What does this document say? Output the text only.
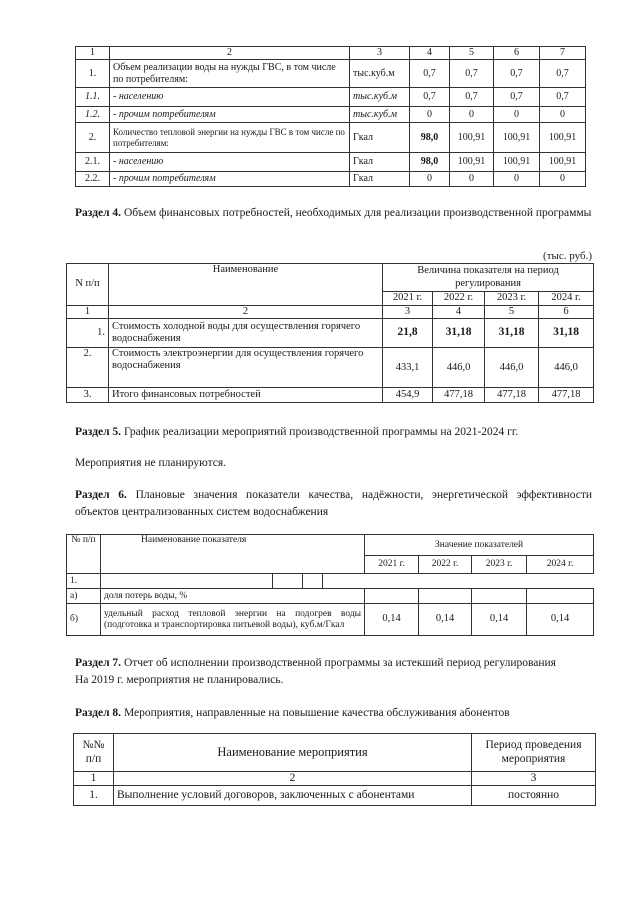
1	2	3	4	5	6	7
1.	Объем реализации воды на нужды ГВС, в том числе по потребителям:	тыс.куб.м	0,7	0,7	0,7	0,7
1.1.	- населению	тыс.куб.м	0,7	0,7	0,7	0,7
1.2.	- прочим потребителям	тыс.куб.м	0	0	0	0
2.	Количество тепловой энергии на нужды ГВС в том числе по потребителям:	Гкал	98,0	100,91	100,91	100,91
2.1.	- населению	Гкал	98,0	100,91	100,91	100,91
2.2.	- прочим потребителям	Гкал	0	0	0	0
Раздел 4. Объем финансовых потребностей, необходимых для реализации производственной программы
(тыс. руб.)
N п/п	Наименование	Величина показателя на период регулирования			
		2021 г.	2022 г.	2023 г.	2024 г.
1	2	3	4	5	6
1.	Стоимость холодной воды для осуществления горячего водоснабжения	21,8	31,18	31,18	31,18
2.	Стоимость электроэнергии для осуществления горячего водоснабжения	433,1	446,0	446,0	446,0
3.	Итого финансовых потребностей	454,9	477,18	477,18	477,18
Раздел 5. График реализации мероприятий производственной программы на 2021-2024 гг.
Мероприятия не планируются.
Раздел 6. Плановые значения показатели качества, надёжности, энергетической эффективности объектов централизованных систем водоснабжения
№ п/п	Наименование показателя				Значение показателей			
					2021 г.	2022 г.	2023 г.	2024 г.
1.								
а)	доля потерь воды, %							
б)	удельный расход тепловой энергии на подогрев воды (подготовка и транспортировка питьевой воды), куб.м/Гкал				0,14	0,14	0,14	0,14
Раздел 7. Отчет об исполнении производственной программы за истекший период регулирования
На 2019 г. мероприятия не планировались.
Раздел 8. Мероприятия, направленные на повышение качества обслуживания абонентов
№№ п/п	Наименование мероприятия	Период проведения мероприятия
1	2	3
1.	Выполнение условий договоров, заключенных с абонентами	постоянно
